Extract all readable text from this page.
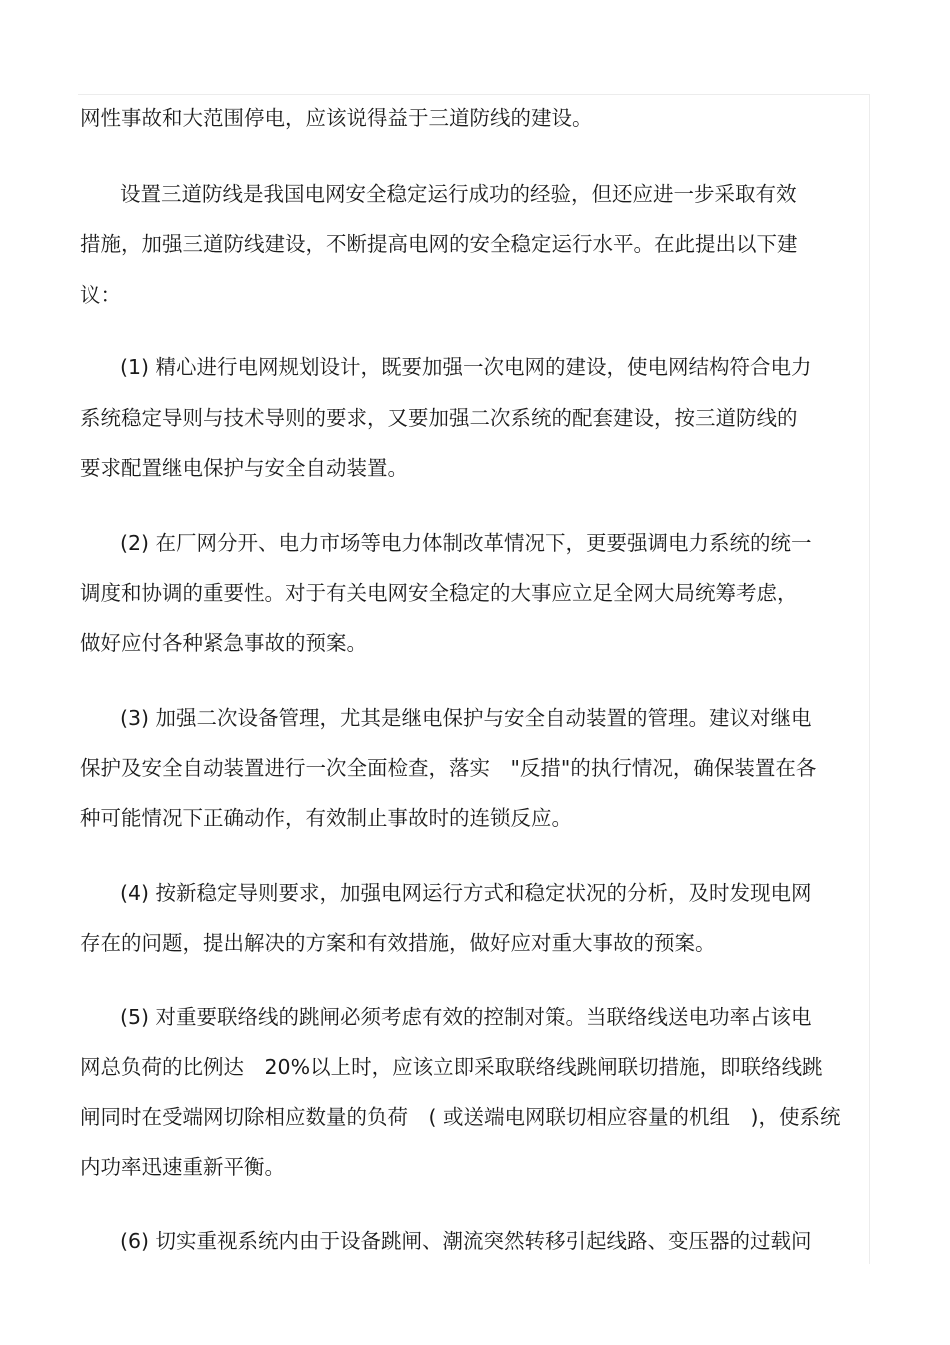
网性事故和大范围停电，应该说得益于三道防线的建设。
设置三道防线是我国电网安全稳定运行成功的经验，但还应进一步采取有效
措施，加强三道防线建设，不断提高电网的安全稳定运行水平。在此提出以下建
议：
(1) 精心进行电网规划设计，既要加强一次电网的建设，使电网结构符合电力
系统稳定导则与技术导则的要求，又要加强二次系统的配套建设，按三道防线的
要求配置继电保护与安全自动装置。
(2) 在厂网分开、电力市场等电力体制改革情况下，更要强调电力系统的统一
调度和协调的重要性。对于有关电网安全稳定的大事应立足全网大局统筹考虑，
做好应付各种紧急事故的预案。
(3) 加强二次设备管理，尤其是继电保护与安全自动装置的管理。建议对继电
保护及安全自动装置进行一次全面检查，落实　"反措"的执行情况，确保装置在各
种可能情况下正确动作，有效制止事故时的连锁反应。
(4) 按新稳定导则要求，加强电网运行方式和稳定状况的分析，及时发现电网
存在的问题，提出解决的方案和有效措施，做好应对重大事故的预案。
(5) 对重要联络线的跳闸必须考虑有效的控制对策。当联络线送电功率占该电
网总负荷的比例达　20%以上时，应该立即采取联络线跳闸联切措施，即联络线跳
闸同时在受端网切除相应数量的负荷　( 或送端电网联切相应容量的机组　)，使系统
内功率迅速重新平衡。
(6) 切实重视系统内由于设备跳闸、潮流突然转移引起线路、变压器的过载问
